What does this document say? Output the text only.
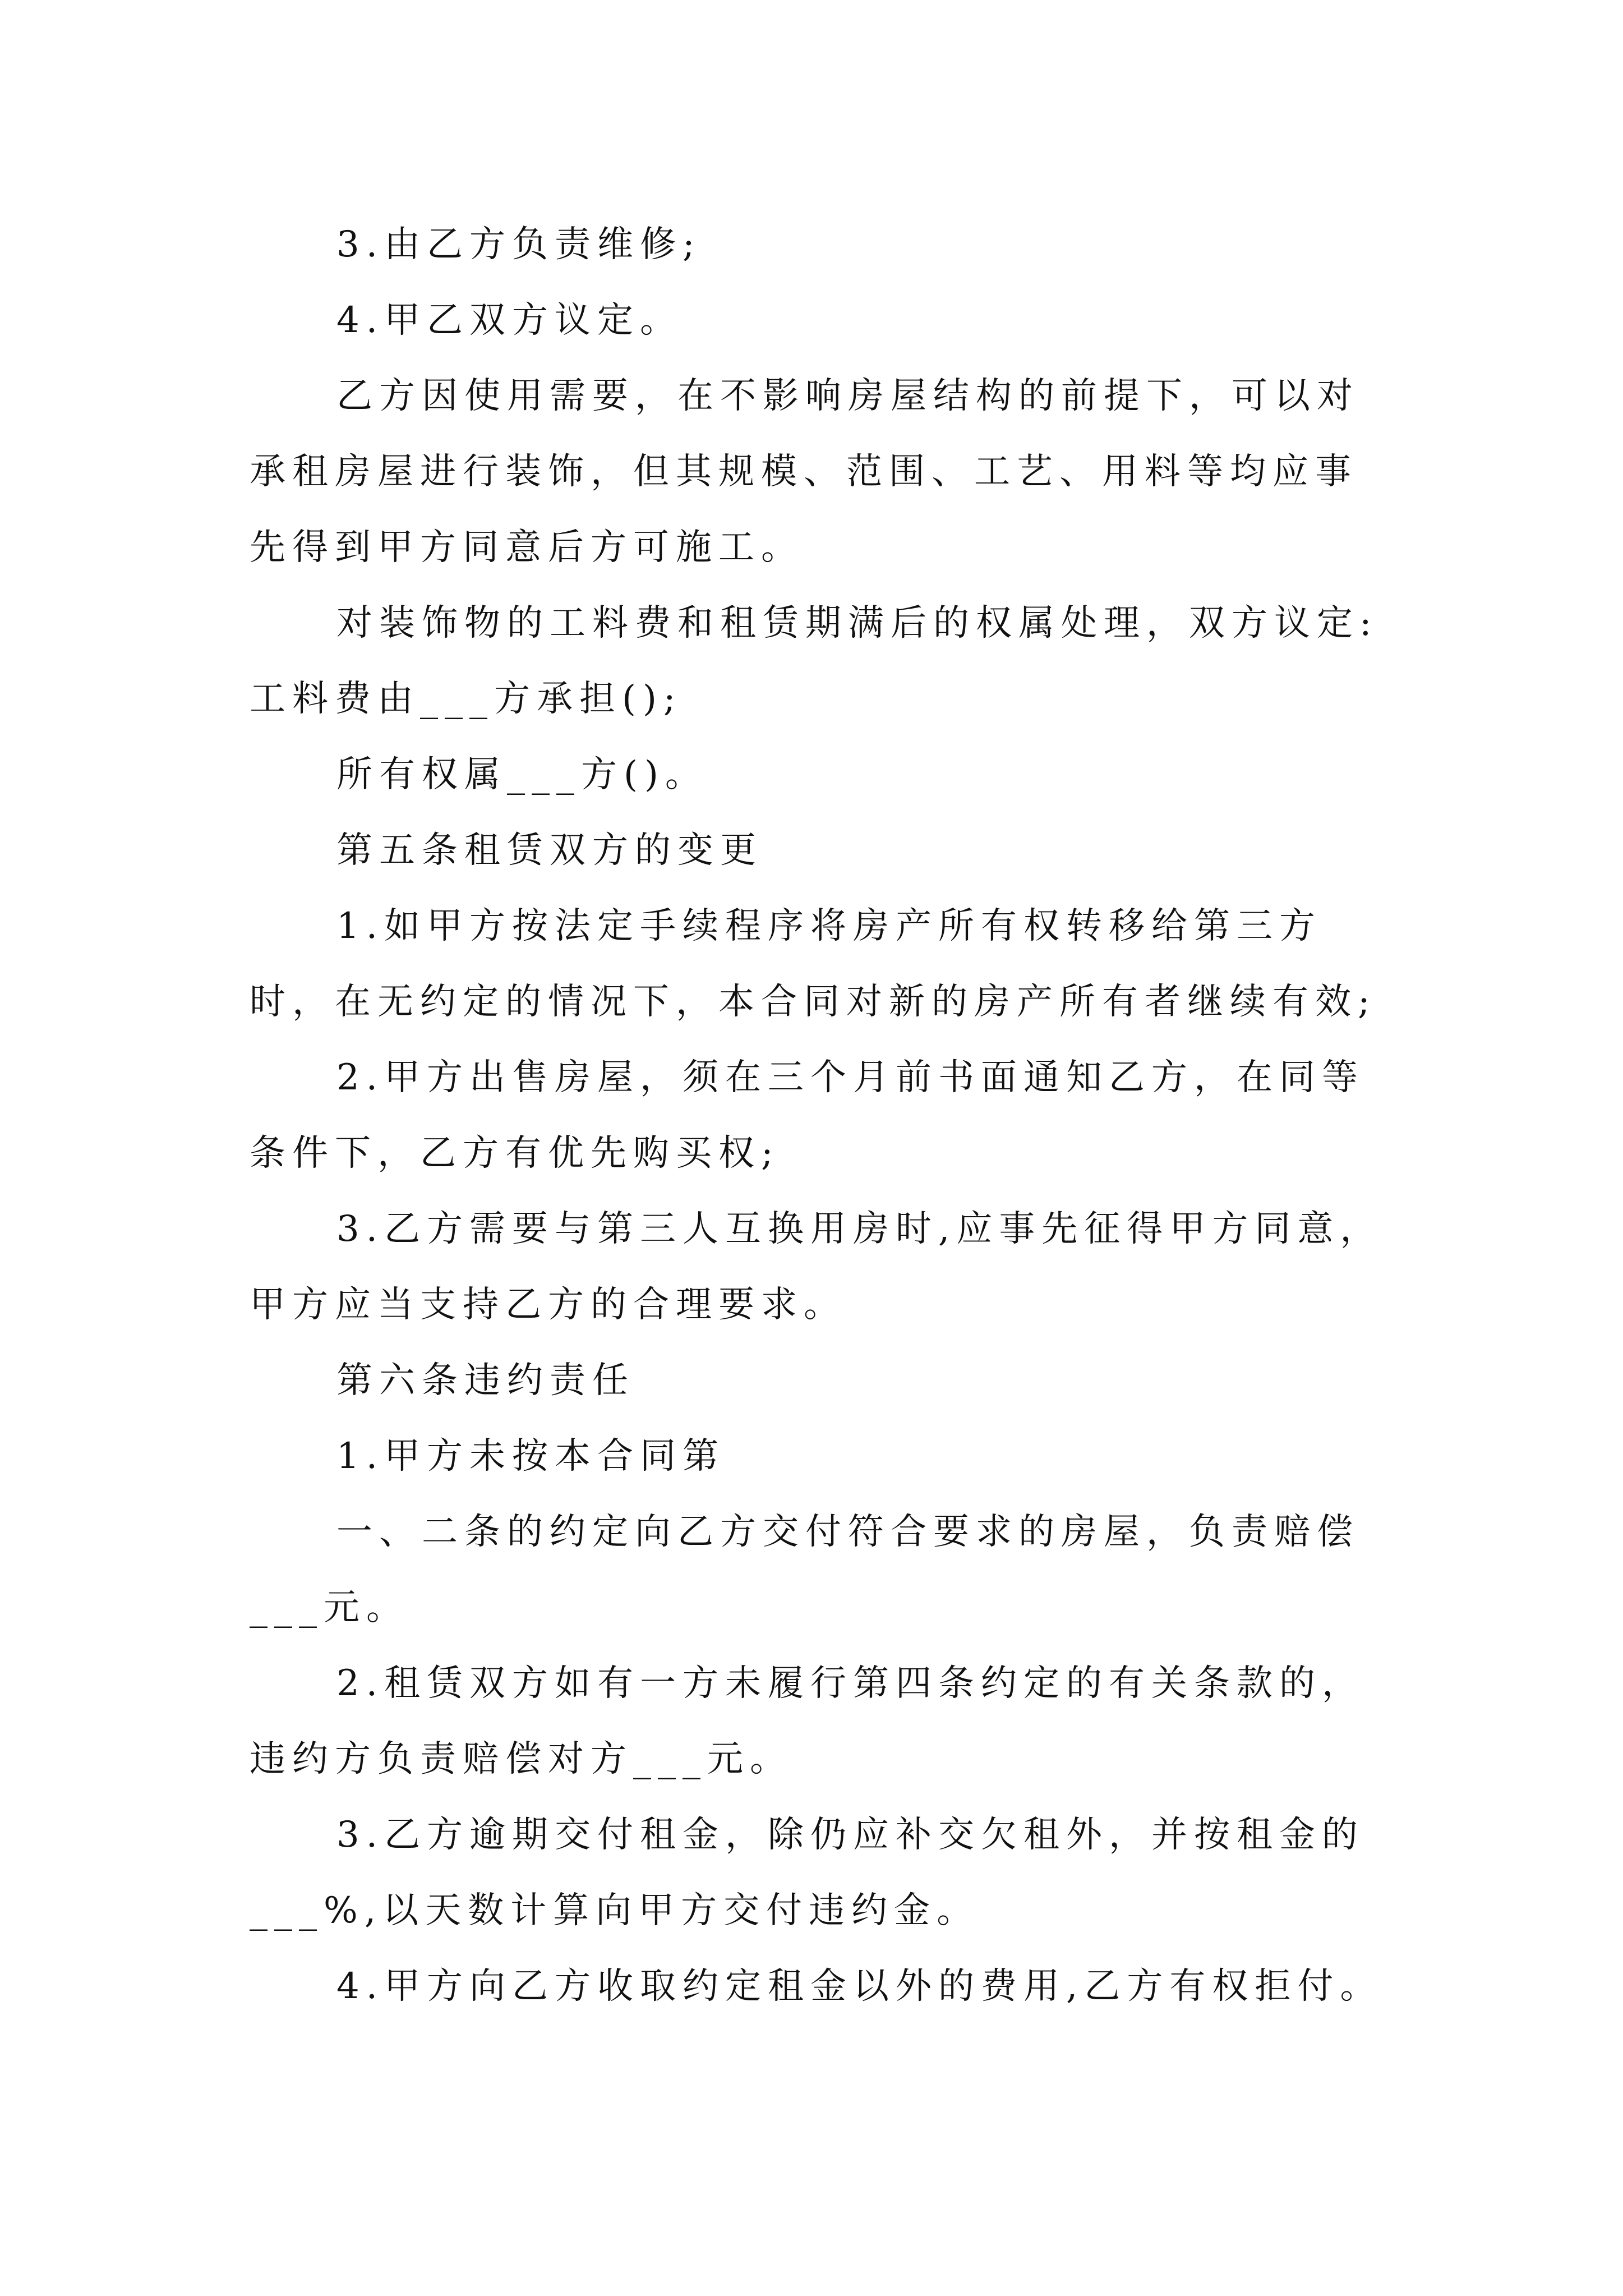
3.由乙方负责维修;

4.甲乙双方议定。

乙方因使用需要，在不影响房屋结构的前提下，可以对

承租房屋进行装饰，但其规模、范围、工艺、用料等均应事

先得到甲方同意后方可施工。

对装饰物的工料费和租赁期满后的权属处理，双方议定:

工料费由___方承担();

所有权属___方()。

第五条租赁双方的变更

1.如甲方按法定手续程序将房产所有权转移给第三方

时，在无约定的情况下，本合同对新的房产所有者继续有效;

2.甲方出售房屋，须在三个月前书面通知乙方，在同等

条件下，乙方有优先购买权;

3.乙方需要与第三人互换用房时,应事先征得甲方同意，

甲方应当支持乙方的合理要求。

第六条违约责任

1.甲方未按本合同第

一、二条的约定向乙方交付符合要求的房屋，负责赔偿

___元。

2.租赁双方如有一方未履行第四条约定的有关条款的，

违约方负责赔偿对方___元。

3.乙方逾期交付租金，除仍应补交欠租外，并按租金的

___%,以天数计算向甲方交付违约金。

4.甲方向乙方收取约定租金以外的费用,乙方有权拒付。
